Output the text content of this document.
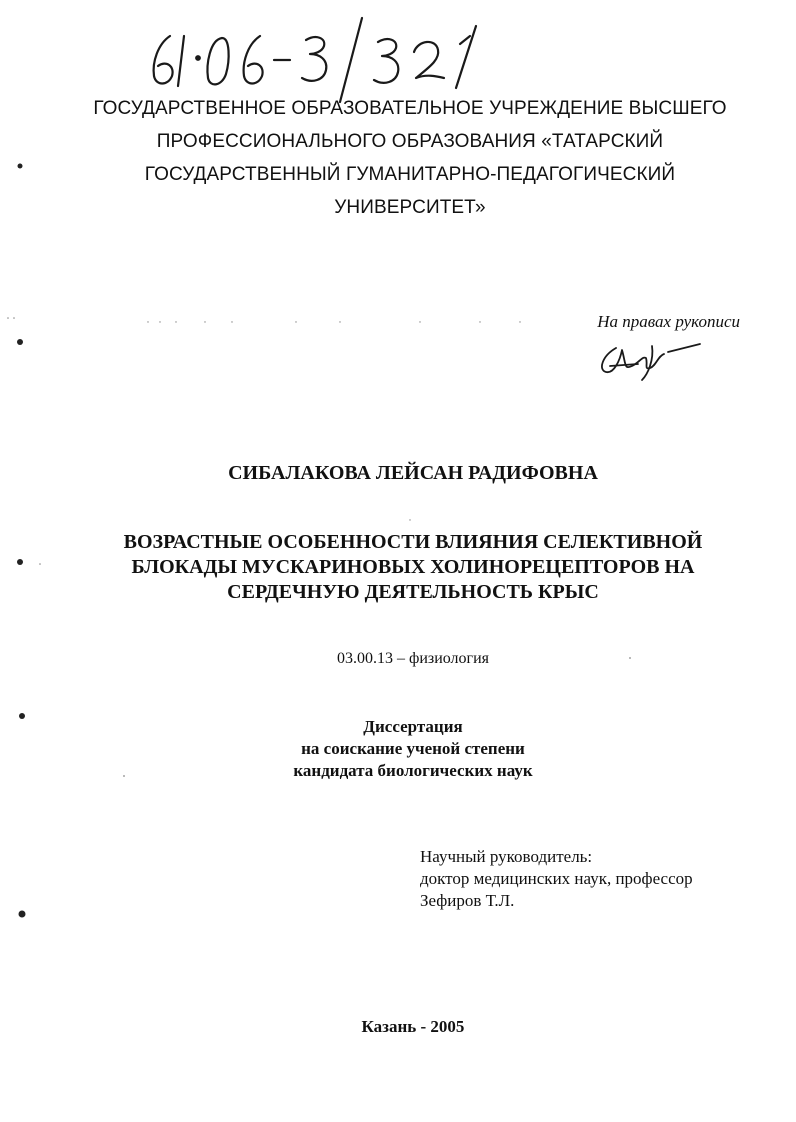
ГОСУДАРСТВЕННОЕ ОБРАЗОВАТЕЛЬНОЕ УЧРЕЖДЕНИЕ ВЫСШЕГО
ПРОФЕССИОНАЛЬНОГО ОБРАЗОВАНИЯ «ТАТАРСКИЙ
ГОСУДАРСТВЕННЫЙ ГУМАНИТАРНО-ПЕДАГОГИЧЕСКИЙ
УНИВЕРСИТЕТ»
На правах рукописи
СИБАЛАКОВА ЛЕЙСАН РАДИФОВНА
ВОЗРАСТНЫЕ ОСОБЕННОСТИ ВЛИЯНИЯ СЕЛЕКТИВНОЙ
БЛОКАДЫ МУСКАРИНОВЫХ ХОЛИНОРЕЦЕПТОРОВ НА
СЕРДЕЧНУЮ ДЕЯТЕЛЬНОСТЬ КРЫС
03.00.13 – физиология
Диссертация
на соискание ученой степени
кандидата биологических наук
Научный руководитель:
доктор медицинских наук, профессор
Зефиров Т.Л.
Казань - 2005
